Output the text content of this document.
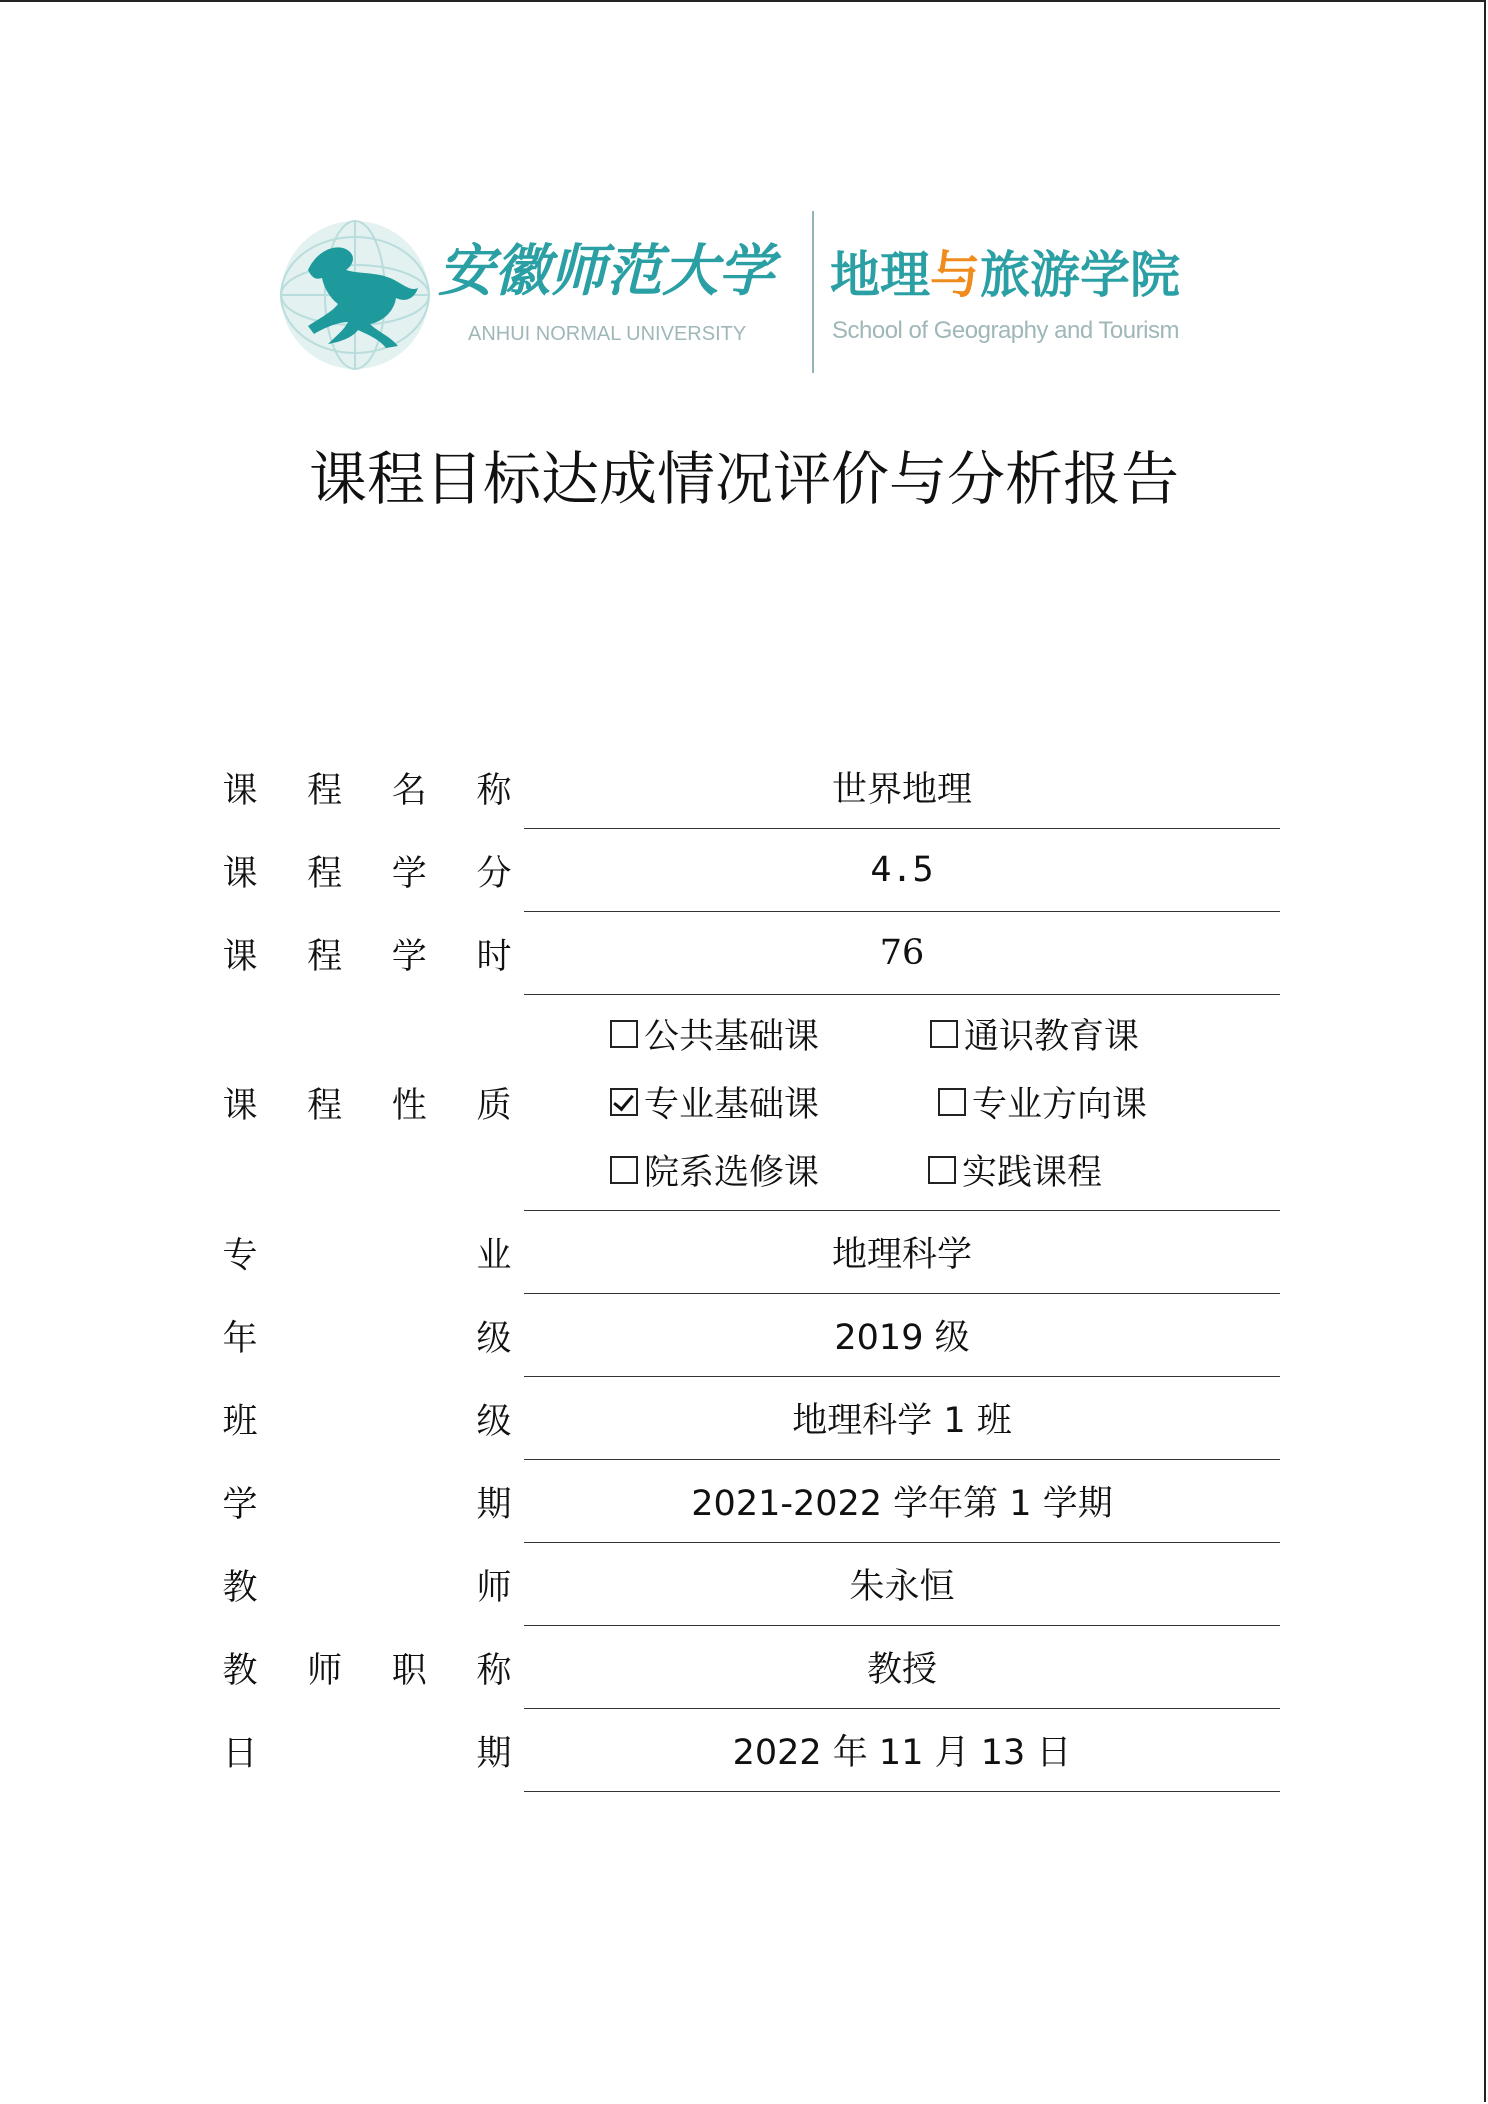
安徽师范大学
ANHUI NORMAL UNIVERSITY
地理与旅游学院
School of Geography and Tourism
课程目标达成情况评价与分析报告
课 程 名 称	世界地理
课 程 学 分	4.5
课 程 学 时	76
课 程 性 质
公共基础课	通识教育课
专业基础课	专业方向课
院系选修课	实践课程
专	业	地理科学
年	级	2019 级
班	级	地理科学 1 班
学	期	2021-2022 学年第 1 学期
教	师	朱永恒
教 师 职 称	教授
日	期	2022 年 11 月 13 日
